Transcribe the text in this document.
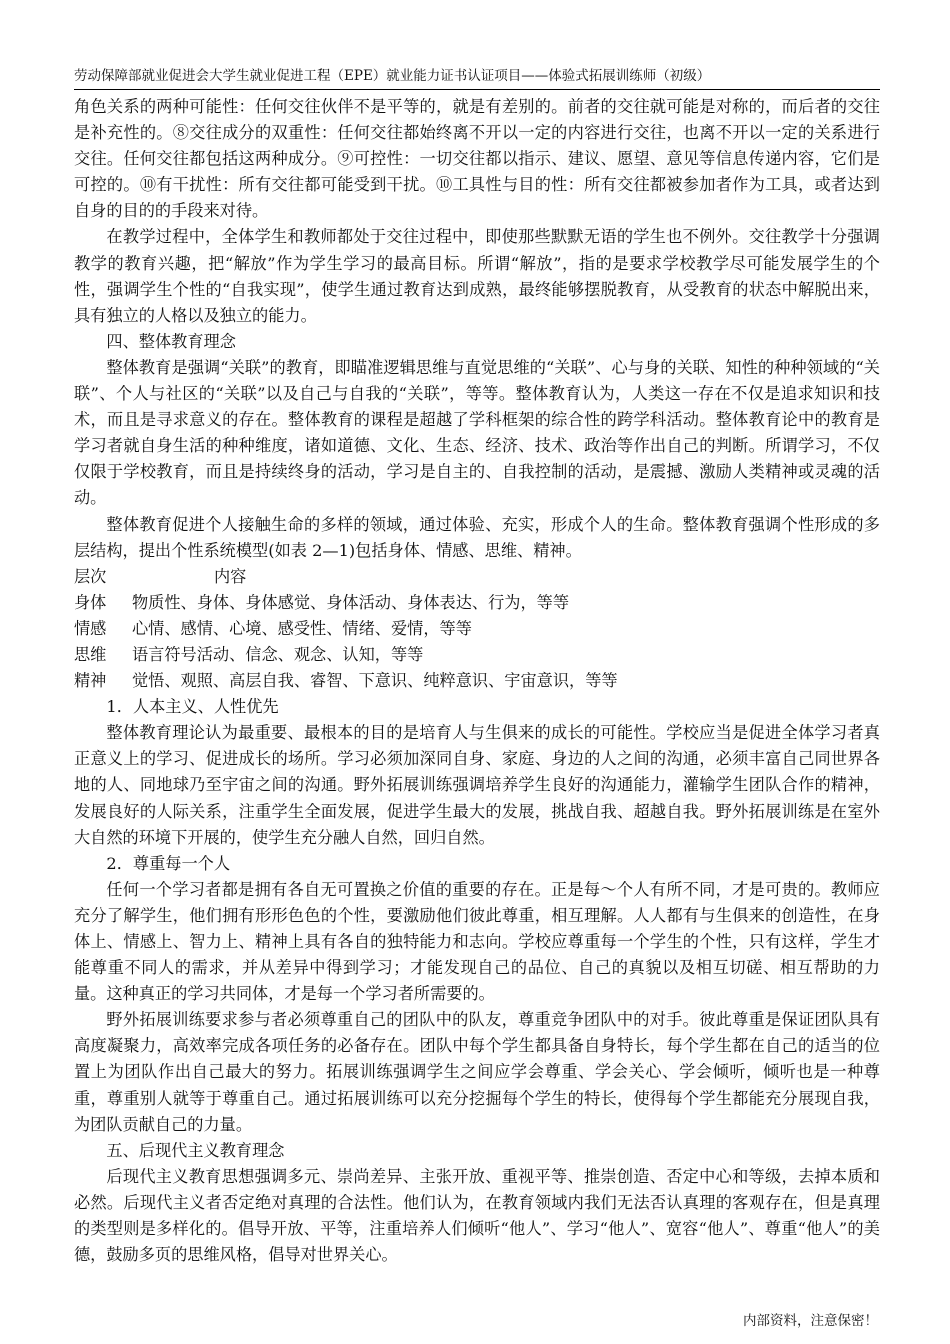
劳动保障部就业促进会大学生就业促进工程（EPE）就业能力证书认证项目——体验式拓展训练师（初级）

角色关系的两种可能性：任何交往伙伴不是平等的，就是有差别的。前者的交往就可能是对称的，而后者的交往是补充性的。⑧交往成分的双重性：任何交往都始终离不开以一定的内容进行交往，也离不开以一定的关系进行交往。任何交往都包括这两种成分。⑨可控性：一切交往都以指示、建议、愿望、意见等信息传递内容，它们是可控的。⑩有干扰性：所有交往都可能受到干扰。⑩工具性与目的性：所有交往都被参加者作为工具，或者达到自身的目的的手段来对待。

在教学过程中，全体学生和教师都处于交往过程中，即使那些默默无语的学生也不例外。交往教学十分强调教学的教育兴趣，把“解放”作为学生学习的最高目标。所谓“解放”，指的是要求学校教学尽可能发展学生的个性，强调学生个性的“自我实现”，使学生通过教育达到成熟，最终能够摆脱教育，从受教育的状态中解脱出来，具有独立的人格以及独立的能力。

四、整体教育理念

整体教育是强调“关联”的教育，即瞄准逻辑思维与直觉思维的“关联”、心与身的关联、知性的种种领域的“关联”、个人与社区的“关联”以及自己与自我的“关联”，等等。整体教育认为，人类这一存在不仅是追求知识和技术，而且是寻求意义的存在。整体教育的课程是超越了学科框架的综合性的跨学科活动。整体教育论中的教育是学习者就自身生活的种种维度，诸如道德、文化、生态、经济、技术、政治等作出自己的判断。所谓学习，不仅仅限于学校教育，而且是持续终身的活动，学习是自主的、自我控制的活动，是震撼、激励人类精神或灵魂的活动。

整体教育促进个人接触生命的多样的领域，通过体验、充实，形成个人的生命。整体教育强调个性形成的多层结构，提出个性系统模型(如表 2—1)包括身体、情感、思维、精神。

层次	内容
身体	物质性、身体、身体感觉、身体活动、身体表达、行为，等等
情感	心情、感情、心境、感受性、情绪、爱情，等等
思维	语言符号活动、信念、观念、认知，等等
精神	觉悟、观照、高层自我、睿智、下意识、纯粹意识、宇宙意识，等等

1．人本主义、人性优先

整体教育理论认为最重要、最根本的目的是培育人与生俱来的成长的可能性。学校应当是促进全体学习者真正意义上的学习、促进成长的场所。学习必须加深同自身、家庭、身边的人之间的沟通，必须丰富自己同世界各地的人、同地球乃至宇宙之间的沟通。野外拓展训练强调培养学生良好的沟通能力，灌输学生团队合作的精神，发展良好的人际关系，注重学生全面发展，促进学生最大的发展，挑战自我、超越自我。野外拓展训练是在室外大自然的环境下开展的，使学生充分融人自然，回归自然。

2．尊重每一个人

任何一个学习者都是拥有各自无可置换之价值的重要的存在。正是每～个人有所不同，才是可贵的。教师应充分了解学生，他们拥有形形色色的个性，要激励他们彼此尊重，相互理解。人人都有与生俱来的创造性，在身体上、情感上、智力上、精神上具有各自的独特能力和志向。学校应尊重每一个学生的个性，只有这样，学生才能尊重不同人的需求，并从差异中得到学习；才能发现自己的品位、自己的真貌以及相互切磋、相互帮助的力量。这种真正的学习共同体，才是每一个学习者所需要的。

野外拓展训练要求参与者必须尊重自己的团队中的队友，尊重竞争团队中的对手。彼此尊重是保证团队具有高度凝聚力，高效率完成各项任务的必备存在。团队中每个学生都具备自身特长，每个学生都在自己的适当的位置上为团队作出自己最大的努力。拓展训练强调学生之间应学会尊重、学会关心、学会倾听，倾听也是一种尊重，尊重别人就等于尊重自己。通过拓展训练可以充分挖掘每个学生的特长，使得每个学生都能充分展现自我，为团队贡献自己的力量。

五、后现代主义教育理念

后现代主义教育思想强调多元、崇尚差异、主张开放、重视平等、推崇创造、否定中心和等级，去掉本质和必然。后现代主义者否定绝对真理的合法性。他们认为，在教育领域内我们无法否认真理的客观存在，但是真理的类型则是多样化的。倡导开放、平等，注重培养人们倾听“他人”、学习“他人”、宽容“他人”、尊重“他人”的美德，鼓励多页的思维风格，倡导对世界关心。

内部资料，注意保密！
